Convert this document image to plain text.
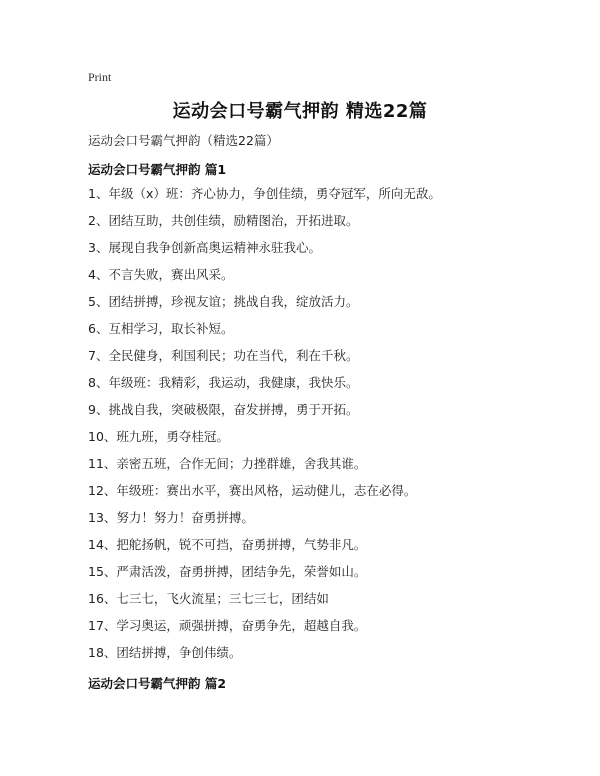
Print
运动会口号霸气押韵 精选22篇
运动会口号霸气押韵（精选22篇）
运动会口号霸气押韵 篇1
1、年级（x）班：齐心协力，争创佳绩，勇夺冠军，所向无敌。
2、团结互助，共创佳绩，励精图治，开拓进取。
3、展现自我争创新高奥运精神永驻我心。
4、不言失败，赛出风采。
5、团结拼搏，珍视友谊；挑战自我，绽放活力。
6、互相学习，取长补短。
7、全民健身，利国利民；功在当代，利在千秋。
8、年级班：我精彩，我运动，我健康，我快乐。
9、挑战自我，突破极限，奋发拼搏，勇于开拓。
10、班九班，勇夺桂冠。
11、亲密五班，合作无间；力挫群雄，舍我其谁。
12、年级班：赛出水平，赛出风格，运动健儿，志在必得。
13、努力！努力！奋勇拼搏。
14、把舵扬帆，锐不可挡，奋勇拼搏，气势非凡。
15、严肃活泼，奋勇拼搏，团结争先，荣誉如山。
16、七三七，飞火流星；三七三七，团结如
17、学习奥运，顽强拼搏，奋勇争先，超越自我。
18、团结拼搏，争创伟绩。
运动会口号霸气押韵 篇2
